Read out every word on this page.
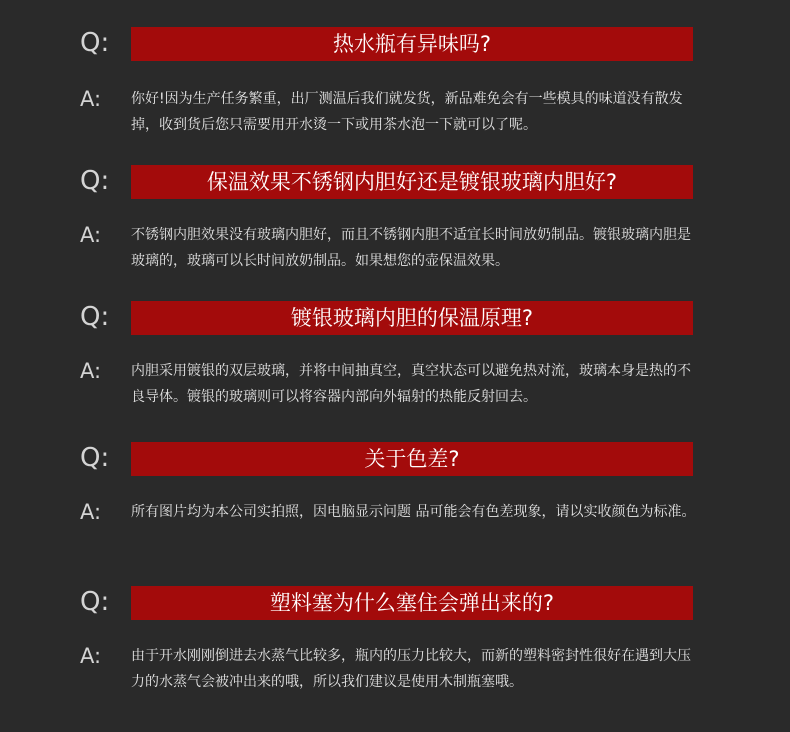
Q:	热水瓶有异味吗?
A: 你好!因为生产任务繁重，出厂测温后我们就发货，新品难免会有一些模具的味道没有散发掉，收到货后您只需要用开水烫一下或用茶水泡一下就可以了呢。
Q:	保温效果不锈钢内胆好还是镀银玻璃内胆好?
A: 不锈钢内胆效果没有玻璃内胆好，而且不锈钢内胆不适宜长时间放奶制品。镀银玻璃内胆是玻璃的，玻璃可以长时间放奶制品。如果想您的壶保温效果。
Q:	镀银玻璃内胆的保温原理?
A: 内胆采用镀银的双层玻璃，并将中间抽真空，真空状态可以避免热对流，玻璃本身是热的不良导体。镀银的玻璃则可以将容器内部向外辐射的热能反射回去。
Q:	关于色差?
A: 所有图片均为本公司实拍照，因电脑显示问题 品可能会有色差现象，请以实收颜色为标准。
Q:	塑料塞为什么塞住会弹出来的?
A: 由于开水刚刚倒进去水蒸气比较多，瓶内的压力比较大，而新的塑料密封性很好在遇到大压力的水蒸气会被冲出来的哦，所以我们建议是使用木制瓶塞哦。
